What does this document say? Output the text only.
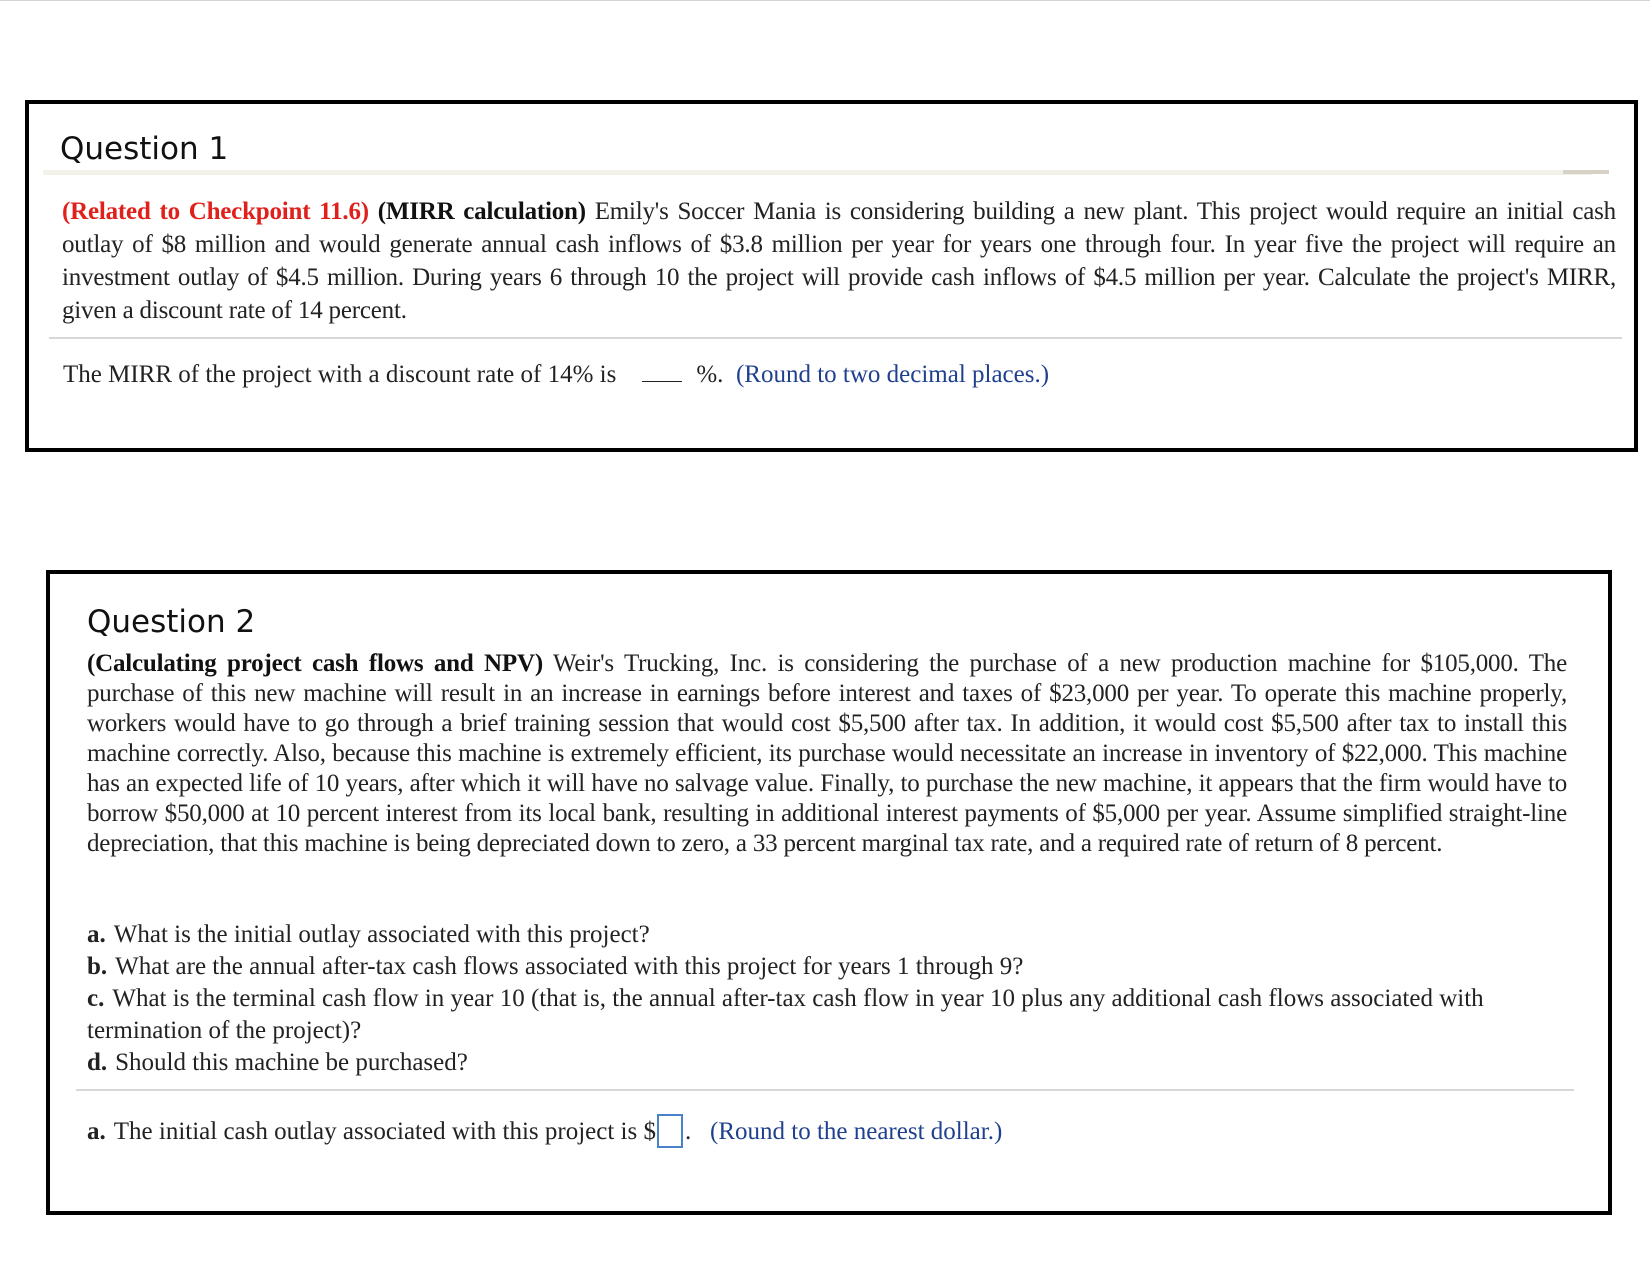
Question 1
(Related to Checkpoint 11.6) (MIRR calculation) Emily's Soccer Mania is considering building a new plant. This project would require an initial cash outlay of $8 million and would generate annual cash inflows of $3.8 million per year for years one through four. In year five the project will require an investment outlay of $4.5 million. During years 6 through 10 the project will provide cash inflows of $4.5 million per year. Calculate the project's MIRR, given a discount rate of 14 percent.
The MIRR of the project with a discount rate of 14% is	%. (Round to two decimal places.)
Question 2
(Calculating project cash flows and NPV) Weir's Trucking, Inc. is considering the purchase of a new production machine for $105,000. The purchase of this new machine will result in an increase in earnings before interest and taxes of $23,000 per year. To operate this machine properly, workers would have to go through a brief training session that would cost $5,500 after tax. In addition, it would cost $5,500 after tax to install this machine correctly. Also, because this machine is extremely efficient, its purchase would necessitate an increase in inventory of $22,000. This machine has an expected life of 10 years, after which it will have no salvage value. Finally, to purchase the new machine, it appears that the firm would have to borrow $50,000 at 10 percent interest from its local bank, resulting in additional interest payments of $5,000 per year. Assume simplified straight-line depreciation, that this machine is being depreciated down to zero, a 33 percent marginal tax rate, and a required rate of return of 8 percent.

a. What is the initial outlay associated with this project?

b. What are the annual after-tax cash flows associated with this project for years 1 through 9?

c. What is the terminal cash flow in year 10 (that is, the annual after-tax cash flow in year 10 plus any additional cash flows associated with termination of the project)?

d. Should this machine be purchased?

a. The initial cash outlay associated with this project is $ . (Round to the nearest dollar.)
